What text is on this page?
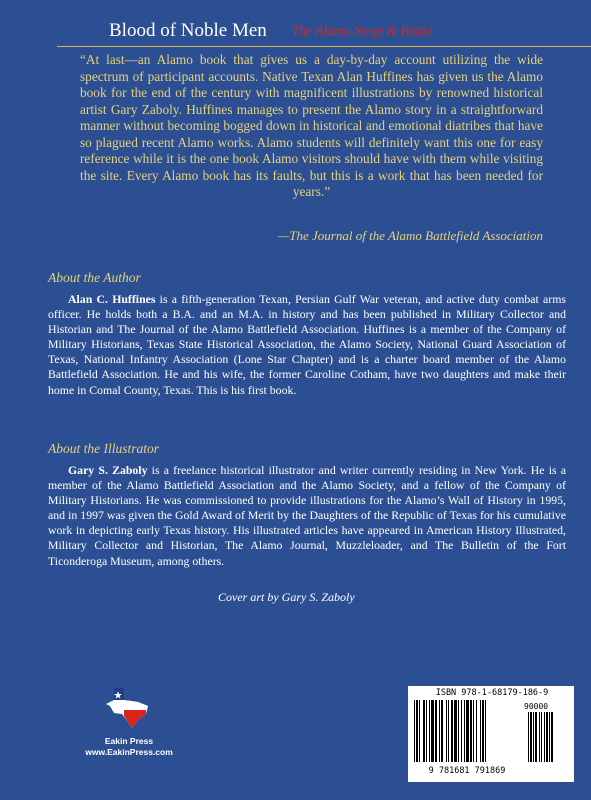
Blood of Noble Men The Alamo Siege & Battle

“At last—an Alamo book that gives us a day-by-day account utilizing the wide spectrum of participant accounts. Native Texan Alan Huffines has given us the Alamo book for the end of the century with magnificent illustrations by renowned historical artist Gary Zaboly. Huffines manages to present the Alamo story in a straightforward manner without becoming bogged down in historical and emotional diatribes that have so plagued recent Alamo works. Alamo students will definitely want this one for easy reference while it is the one book Alamo visitors should have with them while visiting the site. Every Alamo book has its faults, but this is a work that has been needed for years.”

—The Journal of the Alamo Battlefield Association
About the Author

Alan C. Huffines is a fifth-generation Texan, Persian Gulf War veteran, and active duty combat arms officer. He holds both a B.A. and an M.A. in history and has been published in Military Collector and Historian and The Journal of the Alamo Battlefield Association. Huffines is a member of the Company of Military Historians, Texas State Historical Association, the Alamo Society, National Guard Association of Texas, National Infantry Association (Lone Star Chapter) and is a charter board member of the Alamo Battlefield Association. He and his wife, the former Caroline Cotham, have two daughters and make their home in Comal County, Texas. This is his first book.

About the Illustrator

Gary S. Zaboly is a freelance historical illustrator and writer currently residing in New York. He is a member of the Alamo Battlefield Association and the Alamo Society, and a fellow of the Company of Military Historians. He was commissioned to provide illustrations for the Alamo’s Wall of History in 1995, and in 1997 was given the Gold Award of Merit by the Daughters of the Republic of Texas for his cumulative work in depicting early Texas history. His illustrated articles have appeared in American History Illustrated, Military Collector and Historian, The Alamo Journal, Muzzleloader, and The Bulletin of the Fort Ticonderoga Museum, among others.

Cover art by Gary S. Zaboly
Eakin Press
www.EakinPress.com
ISBN 978-1-68179-186-9
90000
9 781681 791869
